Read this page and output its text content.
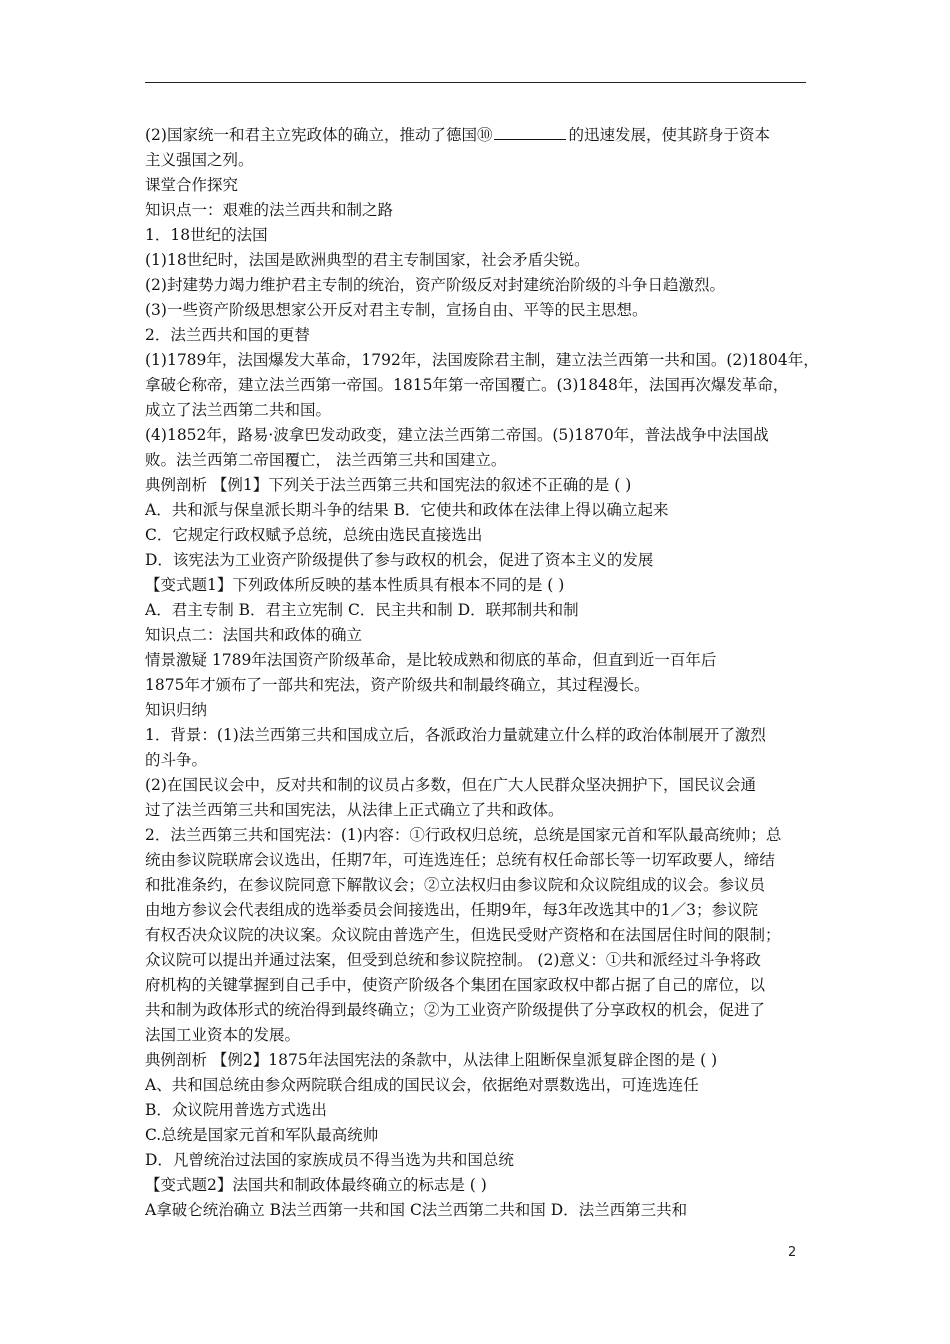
(2)国家统一和君主立宪政体的确立，推动了德国⑩	的迅速发展，使其跻身于资本
主义强国之列。
课堂合作探究
知识点一：艰难的法兰西共和制之路
1．18世纪的法国
(1)18世纪时，法国是欧洲典型的君主专制国家，社会矛盾尖锐。
(2)封建势力竭力维护君主专制的统治，资产阶级反对封建统治阶级的斗争日趋激烈。
(3)一些资产阶级思想家公开反对君主专制，宣扬自由、平等的民主思想。
2．法兰西共和国的更替
(1)1789年，法国爆发大革命，1792年，法国废除君主制，建立法兰西第一共和国。(2)1804年，
拿破仑称帝，建立法兰西第一帝国。1815年第一帝国覆亡。(3)1848年，法国再次爆发革命，
成立了法兰西第二共和国。
(4)1852年，路易·波拿巴发动政变，建立法兰西第二帝国。(5)1870年，普法战争中法国战
败。法兰西第二帝国覆亡， 法兰西第三共和国建立。
典例剖析 【例1】下列关于法兰西第三共和国宪法的叙述不正确的是 ( )
A．共和派与保皇派长期斗争的结果 B．它使共和政体在法律上得以确立起来
C．它规定行政权赋予总统，总统由选民直接选出
D．该宪法为工业资产阶级提供了参与政权的机会，促进了资本主义的发展
【变式题1】下列政体所反映的基本性质具有根本不同的是 ( )
A．君主专制 B．君主立宪制 C．民主共和制 D．联邦制共和制
知识点二：法国共和政体的确立
情景激疑 1789年法国资产阶级革命，是比较成熟和彻底的革命，但直到近一百年后
1875年才颁布了一部共和宪法，资产阶级共和制最终确立，其过程漫长。
知识归纳
1．背景：(1)法兰西第三共和国成立后，各派政治力量就建立什么样的政治体制展开了激烈
的斗争。
(2)在国民议会中，反对共和制的议员占多数，但在广大人民群众坚决拥护下，国民议会通
过了法兰西第三共和国宪法，从法律上正式确立了共和政体。
2．法兰西第三共和国宪法：(1)内容：①行政权归总统，总统是国家元首和军队最高统帅；总
统由参议院联席会议选出，任期7年，可连选连任；总统有权任命部长等一切军政要人，缔结
和批准条约，在参议院同意下解散议会；②立法权归由参议院和众议院组成的议会。参议员
由地方参议会代表组成的选举委员会间接选出，任期9年，每3年改选其中的1／3；参议院
有权否决众议院的决议案。众议院由普选产生，但选民受财产资格和在法国居住时间的限制；
众议院可以提出并通过法案，但受到总统和参议院控制。 (2)意义：①共和派经过斗争将政
府机构的关键掌握到自己手中，使资产阶级各个集团在国家政权中都占据了自己的席位，以
共和制为政体形式的统治得到最终确立；②为工业资产阶级提供了分享政权的机会，促进了
法国工业资本的发展。
典例剖析 【例2】1875年法国宪法的条款中，从法律上阻断保皇派复辟企图的是 ( )
A、共和国总统由参众两院联合组成的国民议会，依据绝对票数选出，可连选连任
B．众议院用普选方式选出
C.总统是国家元首和军队最高统帅
D．凡曾统治过法国的家族成员不得当选为共和国总统
【变式题2】法国共和制政体最终确立的标志是 ( )
A拿破仑统治确立 B法兰西第一共和国 C法兰西第二共和国 D．法兰西第三共和
2
